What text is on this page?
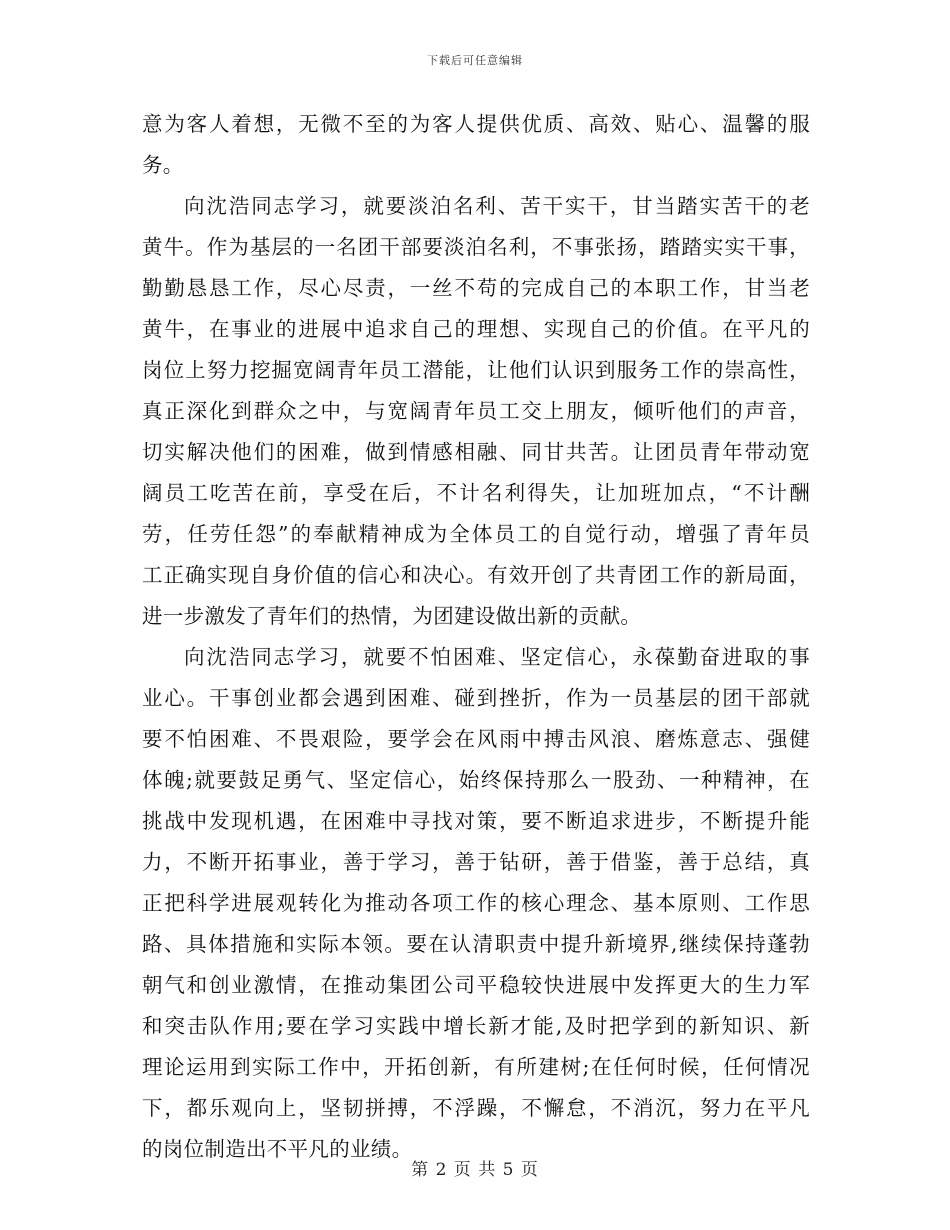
下载后可任意编辑
意为客人着想，无微不至的为客人提供优质、高效、贴心、温馨的服
务。
向沈浩同志学习，就要淡泊名利、苦干实干，甘当踏实苦干的老
黄牛。作为基层的一名团干部要淡泊名利，不事张扬，踏踏实实干事，
勤勤恳恳工作，尽心尽责，一丝不苟的完成自己的本职工作，甘当老
黄牛，在事业的进展中追求自己的理想、实现自己的价值。在平凡的
岗位上努力挖掘宽阔青年员工潜能，让他们认识到服务工作的崇高性，
真正深化到群众之中，与宽阔青年员工交上朋友，倾听他们的声音，
切实解决他们的困难，做到情感相融、同甘共苦。让团员青年带动宽
阔员工吃苦在前，享受在后，不计名利得失，让加班加点，“不计酬
劳，任劳任怨”的奉献精神成为全体员工的自觉行动，增强了青年员
工正确实现自身价值的信心和决心。有效开创了共青团工作的新局面，
进一步激发了青年们的热情，为团建设做出新的贡献。
向沈浩同志学习，就要不怕困难、坚定信心，永葆勤奋进取的事
业心。干事创业都会遇到困难、碰到挫折，作为一员基层的团干部就
要不怕困难、不畏艰险，要学会在风雨中搏击风浪、磨炼意志、强健
体魄;就要鼓足勇气、坚定信心，始终保持那么一股劲、一种精神，在
挑战中发现机遇，在困难中寻找对策，要不断追求进步，不断提升能
力，不断开拓事业，善于学习，善于钻研，善于借鉴，善于总结，真
正把科学进展观转化为推动各项工作的核心理念、基本原则、工作思
路、具体措施和实际本领。要在认清职责中提升新境界,继续保持蓬勃
朝气和创业激情，在推动集团公司平稳较快进展中发挥更大的生力军
和突击队作用;要在学习实践中增长新才能,及时把学到的新知识、新
理论运用到实际工作中，开拓创新，有所建树;在任何时候，任何情况
下，都乐观向上，坚韧拼搏，不浮躁，不懈怠，不消沉，努力在平凡
的岗位制造出不平凡的业绩。
第 2 页 共 5 页
